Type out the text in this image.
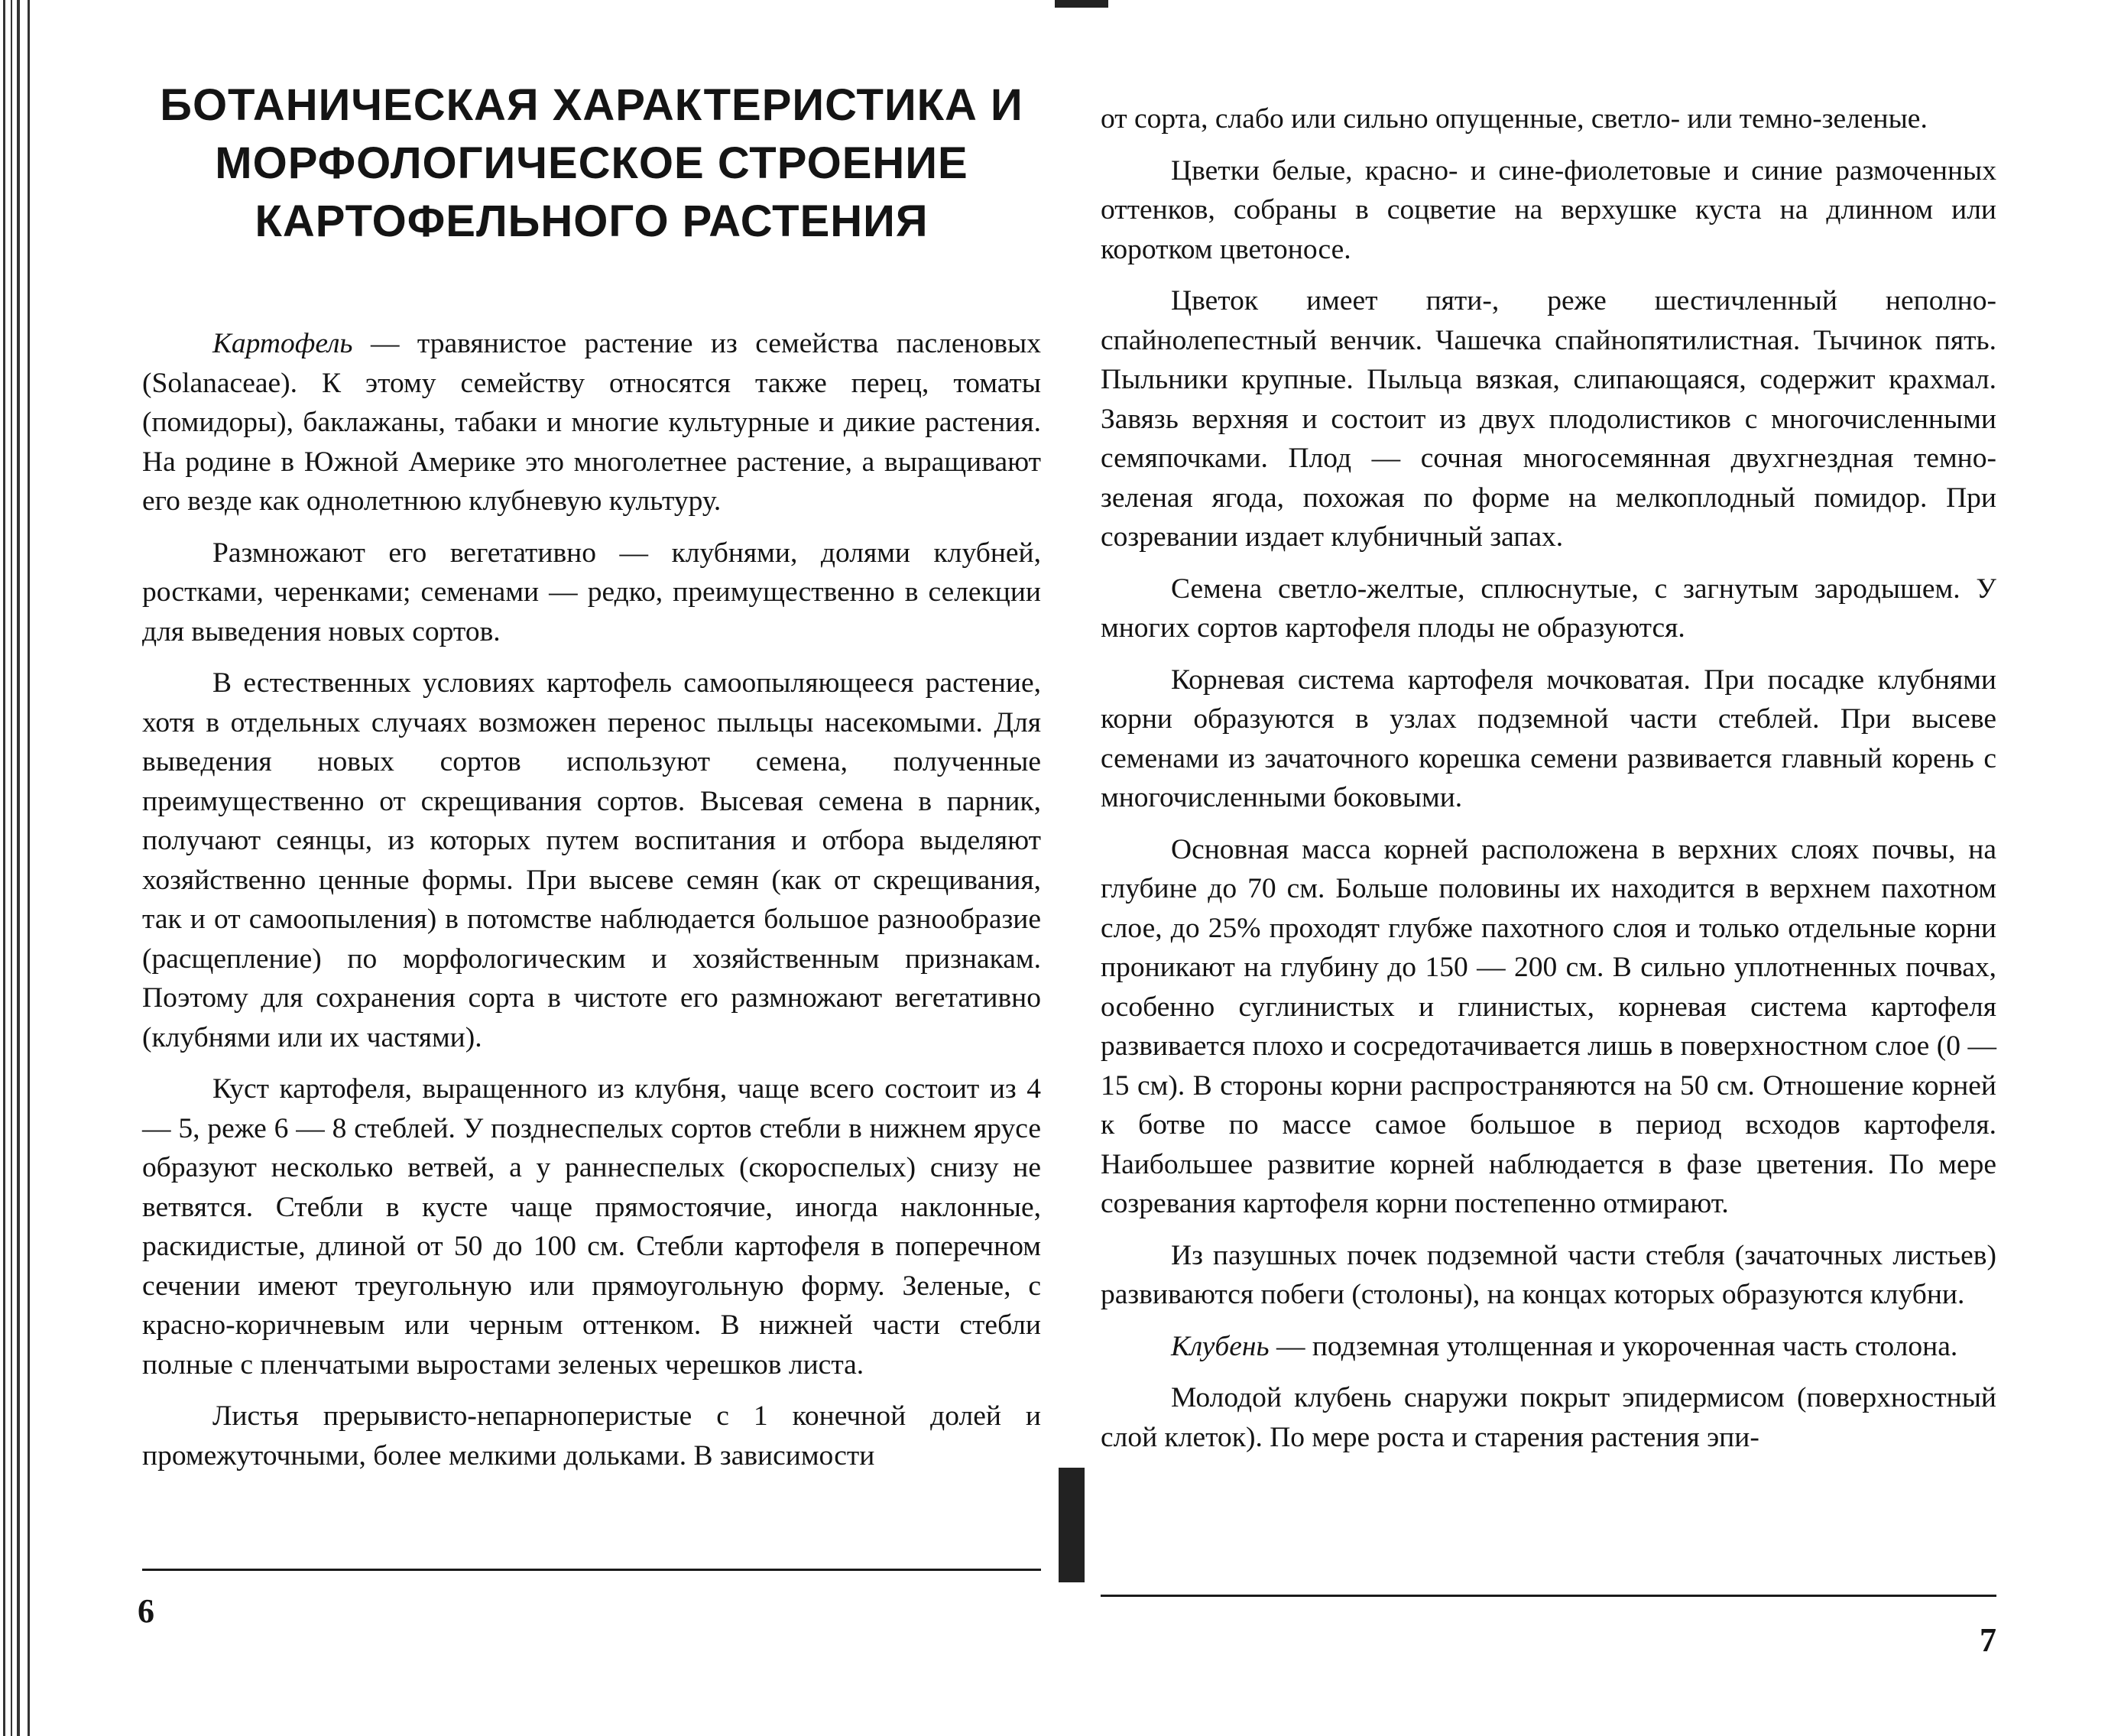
БОТАНИЧЕСКАЯ ХАРАКТЕРИСТИКА И
МОРФОЛОГИЧЕСКОЕ СТРОЕНИЕ
КАРТОФЕЛЬНОГО РАСТЕНИЯ

Картофель — травянистое растение из семейства пасленовых (Solanaceae). К этому семейству относятся также перец, томаты (помидоры), баклажаны, табаки и многие культурные и дикие растения. На родине в Южной Америке это многолетнее растение, а выращивают его везде как однолетнюю клубневую культуру.

Размножают его вегетативно — клубнями, долями клубней, ростками, черенками; семенами — редко, преимущественно в селекции для выведения новых сортов.

В естественных условиях картофель самоопыляющееся растение, хотя в отдельных случаях возможен перенос пыльцы насекомыми. Для выведения новых сортов используют семена, полученные преимущественно от скрещивания сортов. Высевая семена в парник, получают сеянцы, из которых путем воспитания и отбора выделяют хозяйственно ценные формы. При высеве семян (как от скрещивания, так и от самоопыления) в потомстве наблюдается большое разнообразие (расщепление) по морфологическим и хозяйственным признакам. Поэтому для сохранения сорта в чистоте его размножают вегетативно (клубнями или их частями).

Куст картофеля, выращенного из клубня, чаще всего состоит из 4 — 5, реже 6 — 8 стеблей. У позднеспелых сортов стебли в нижнем ярусе образуют несколько ветвей, а у раннеспелых (скороспелых) снизу не ветвятся. Стебли в кусте чаще прямостоячие, иногда наклонные, раскидистые, длиной от 50 до 100 см. Стебли картофеля в поперечном сечении имеют треугольную или прямоугольную форму. Зеленые, с красно-коричневым или черным оттенком. В нижней части стебли полные с пленчатыми выростами зеленых черешков листа.

Листья прерывисто-непарноперистые с 1 конечной долей и промежуточными, более мелкими дольками. В зависимости

6

от сорта, слабо или сильно опущенные, светло- или темно-зеленые.

Цветки белые, красно- и сине-фиолетовые и синие размоченных оттенков, собраны в соцветие на верхушке куста на длинном или коротком цветоносе.

Цветок имеет пяти-, реже шестичленный неполно-спайнолепестный венчик. Чашечка спайнопятилистная. Тычинок пять. Пыльники крупные. Пыльца вязкая, слипающаяся, содержит крахмал. Завязь верхняя и состоит из двух плодолистиков с многочисленными семяпочками. Плод — сочная многосемянная двухгнездная темно-зеленая ягода, похожая по форме на мелкоплодный помидор. При созревании издает клубничный запах.

Семена светло-желтые, сплюснутые, с загнутым зародышем. У многих сортов картофеля плоды не образуются.

Корневая система картофеля мочковатая. При посадке клубнями корни образуются в узлах подземной части стеблей. При высеве семенами из зачаточного корешка семени развивается главный корень с многочисленными боковыми.

Основная масса корней расположена в верхних слоях почвы, на глубине до 70 см. Больше половины их находится в верхнем пахотном слое, до 25% проходят глубже пахотного слоя и только отдельные корни проникают на глубину до 150 — 200 см. В сильно уплотненных почвах, особенно суглинистых и глинистых, корневая система картофеля развивается плохо и сосредотачивается лишь в поверхностном слое (0 — 15 см). В стороны корни распространяются на 50 см. Отношение корней к ботве по массе самое большое в период всходов картофеля. Наибольшее развитие корней наблюдается в фазе цветения. По мере созревания картофеля корни постепенно отмирают.

Из пазушных почек подземной части стебля (зачаточных листьев) развиваются побеги (столоны), на концах которых образуются клубни.

Клубень — подземная утолщенная и укороченная часть столона.

Молодой клубень снаружи покрыт эпидермисом (поверхностный слой клеток). По мере роста и старения растения эпи-

7
